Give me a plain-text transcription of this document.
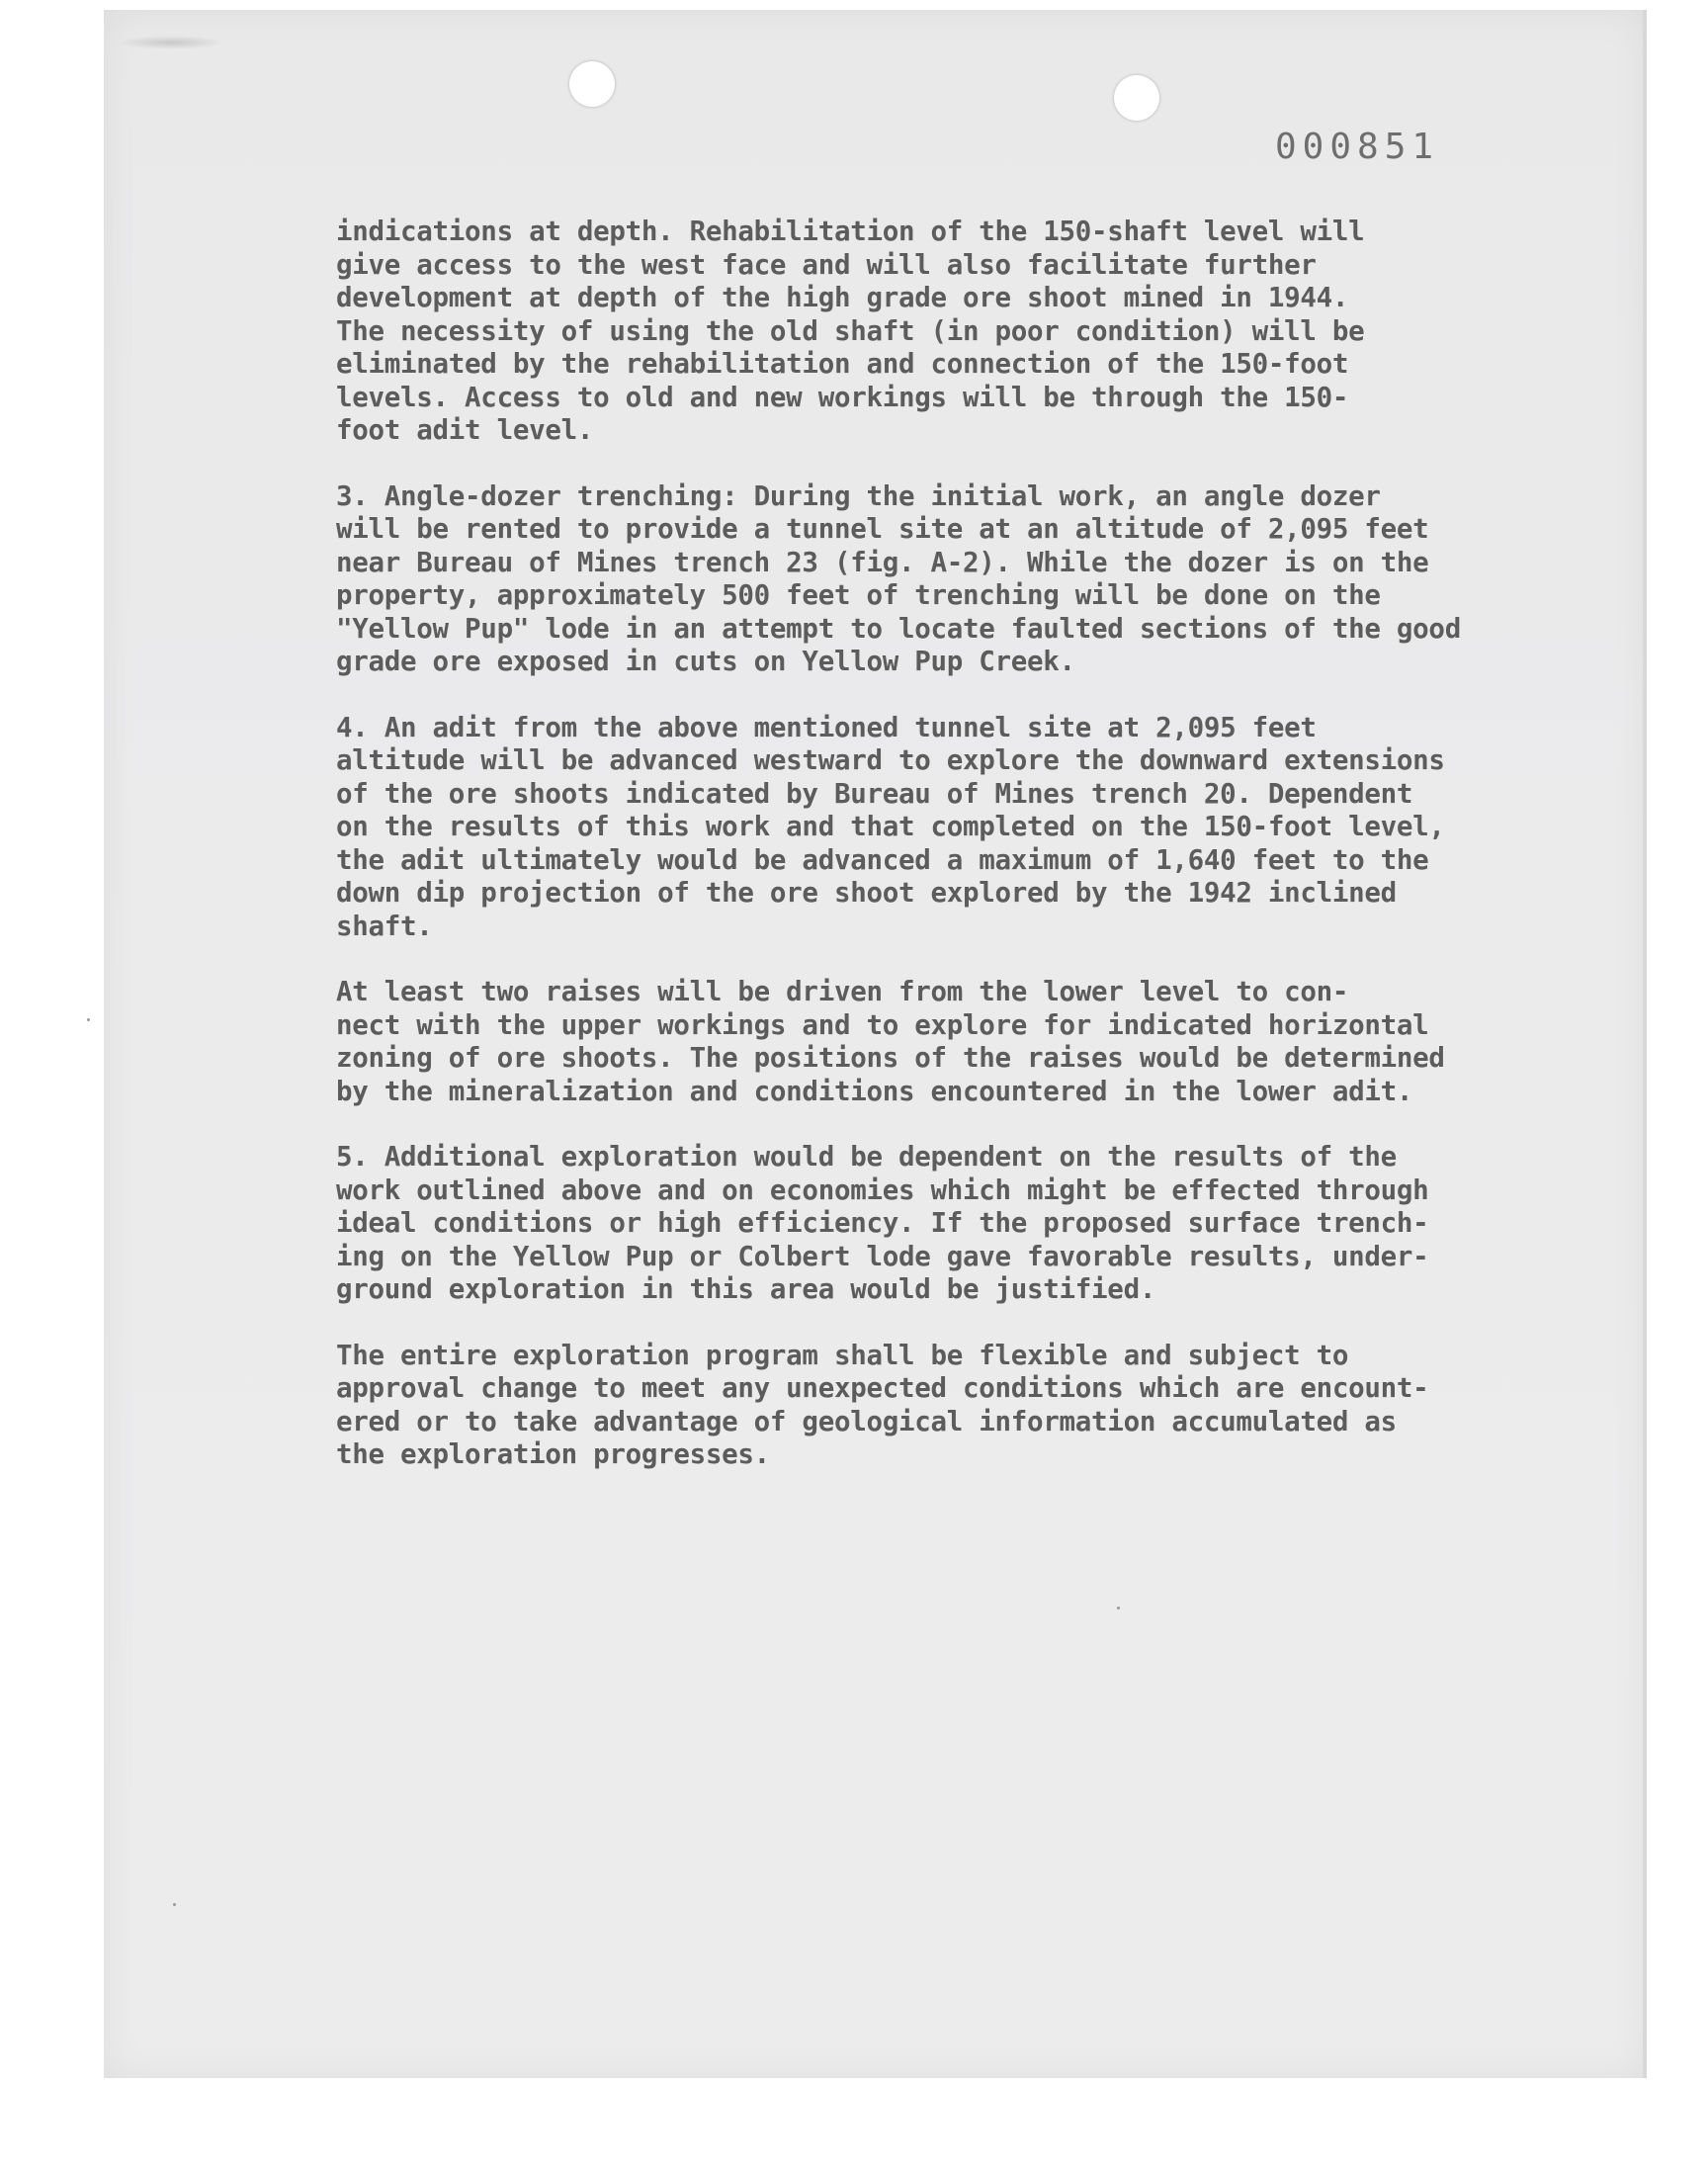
000851

indications at depth. Rehabilitation of the 150-shaft level will
give access to the west face and will also facilitate further
development at depth of the high grade ore shoot mined in 1944.
The necessity of using the old shaft (in poor condition) will be
eliminated by the rehabilitation and connection of the 150-foot
levels. Access to old and new workings will be through the 150-
foot adit level.

3. Angle-dozer trenching: During the initial work, an angle dozer
will be rented to provide a tunnel site at an altitude of 2,095 feet
near Bureau of Mines trench 23 (fig. A-2). While the dozer is on the
property, approximately 500 feet of trenching will be done on the
"Yellow Pup" lode in an attempt to locate faulted sections of the good
grade ore exposed in cuts on Yellow Pup Creek.

4. An adit from the above mentioned tunnel site at 2,095 feet
altitude will be advanced westward to explore the downward extensions
of the ore shoots indicated by Bureau of Mines trench 20. Dependent
on the results of this work and that completed on the 150-foot level,
the adit ultimately would be advanced a maximum of 1,640 feet to the
down dip projection of the ore shoot explored by the 1942 inclined
shaft.

At least two raises will be driven from the lower level to con-
nect with the upper workings and to explore for indicated horizontal
zoning of ore shoots. The positions of the raises would be determined
by the mineralization and conditions encountered in the lower adit.

5. Additional exploration would be dependent on the results of the
work outlined above and on economies which might be effected through
ideal conditions or high efficiency. If the proposed surface trench-
ing on the Yellow Pup or Colbert lode gave favorable results, under-
ground exploration in this area would be justified.

The entire exploration program shall be flexible and subject to
approval change to meet any unexpected conditions which are encount-
ered or to take advantage of geological information accumulated as
the exploration progresses.
